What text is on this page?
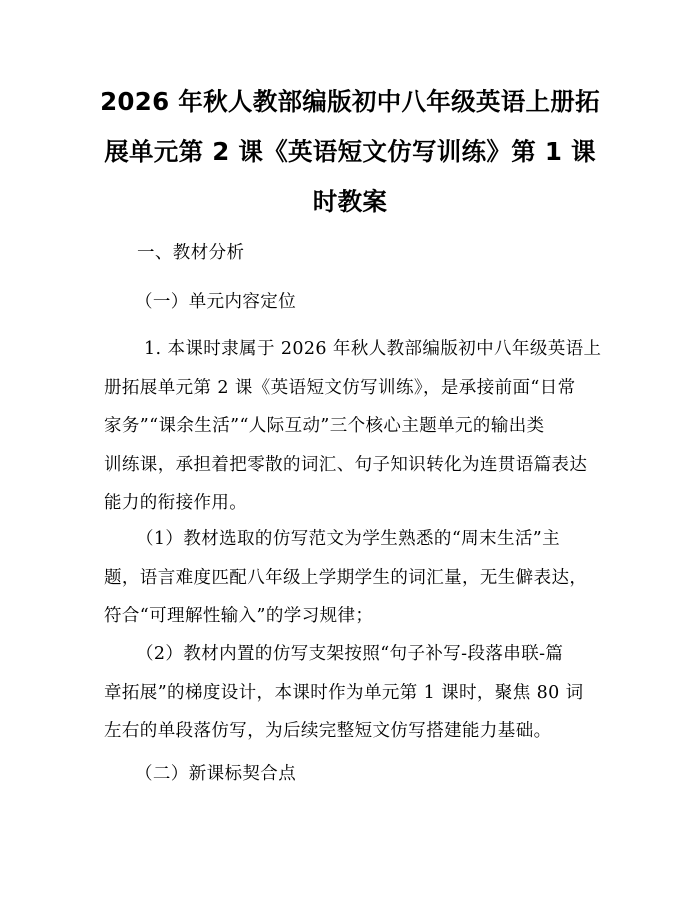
2026 年秋人教部编版初中八年级英语上册拓
展单元第 2 课《英语短文仿写训练》第 1 课
时教案

一、教材分析

（一）单元内容定位

1. 本课时隶属于 2026 年秋人教部编版初中八年级英语上
册拓展单元第 2 课《英语短文仿写训练》，是承接前面“日常
家务”“课余生活”“人际互动”三个核心主题单元的输出类
训练课，承担着把零散的词汇、句子知识转化为连贯语篇表达
能力的衔接作用。
（1）教材选取的仿写范文为学生熟悉的“周末生活”主
题，语言难度匹配八年级上学期学生的词汇量，无生僻表达，
符合“可理解性输入”的学习规律；
（2）教材内置的仿写支架按照“句子补写-段落串联-篇
章拓展”的梯度设计，本课时作为单元第 1 课时，聚焦 80 词
左右的单段落仿写，为后续完整短文仿写搭建能力基础。

（二）新课标契合点
